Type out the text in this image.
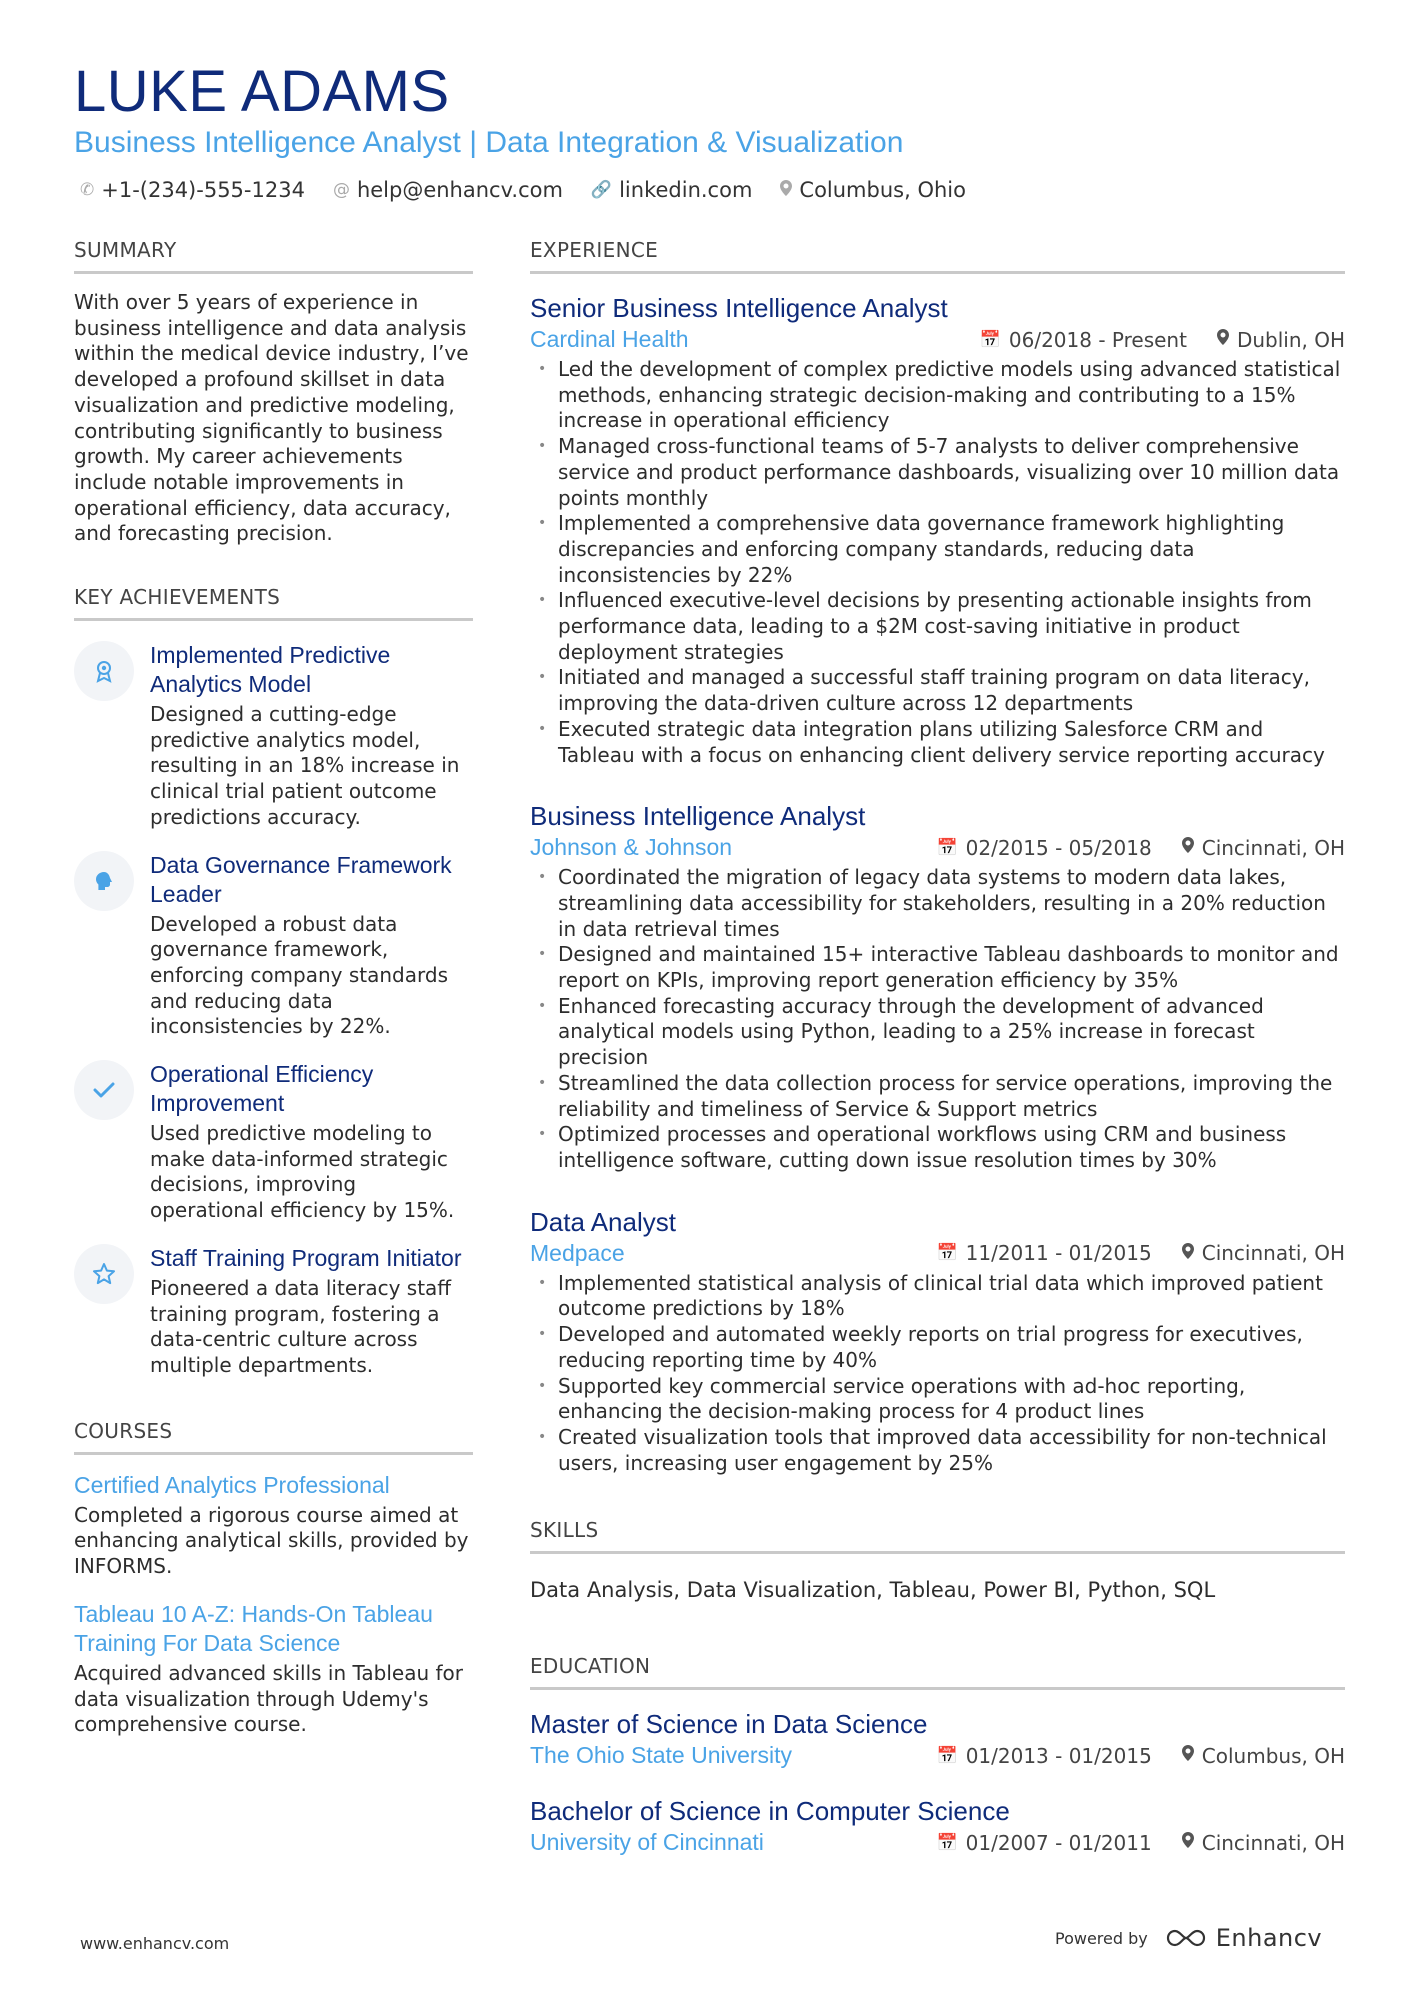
LUKE ADAMS
Business Intelligence Analyst | Data Integration & Visualization
✆ +1-(234)-555-1234 @ help@enhancv.com 🔗 linkedin.com Columbus, Ohio
SUMMARY
With over 5 years of experience in business intelligence and data analysis within the medical device industry, I’ve developed a profound skillset in data visualization and predictive modeling, contributing significantly to business growth. My career achievements include notable improvements in operational efficiency, data accuracy, and forecasting precision.
KEY ACHIEVEMENTS
Implemented Predictive Analytics Model
Designed a cutting-edge predictive analytics model, resulting in an 18% increase in clinical trial patient outcome predictions accuracy.
Data Governance Framework Leader
Developed a robust data governance framework, enforcing company standards and reducing data inconsistencies by 22%.
Operational Efficiency Improvement
Used predictive modeling to make data-informed strategic decisions, improving operational efficiency by 15%.
Staff Training Program Initiator
Pioneered a data literacy staff training program, fostering a data-centric culture across multiple departments.
COURSES
Certified Analytics Professional
Completed a rigorous course aimed at enhancing analytical skills, provided by INFORMS.
Tableau 10 A-Z: Hands-On Tableau Training For Data Science
Acquired advanced skills in Tableau for data visualization through Udemy's comprehensive course.
EXPERIENCE
Senior Business Intelligence Analyst
Cardinal Health	📅 06/2018 - Present	Dublin, OH
• Led the development of complex predictive models using advanced statistical methods, enhancing strategic decision-making and contributing to a 15% increase in operational efficiency
• Managed cross-functional teams of 5-7 analysts to deliver comprehensive service and product performance dashboards, visualizing over 10 million data points monthly
• Implemented a comprehensive data governance framework highlighting discrepancies and enforcing company standards, reducing data inconsistencies by 22%
• Influenced executive-level decisions by presenting actionable insights from performance data, leading to a $2M cost-saving initiative in product deployment strategies
• Initiated and managed a successful staff training program on data literacy, improving the data-driven culture across 12 departments
• Executed strategic data integration plans utilizing Salesforce CRM and Tableau with a focus on enhancing client delivery service reporting accuracy
Business Intelligence Analyst
Johnson & Johnson	📅 02/2015 - 05/2018	Cincinnati, OH
• Coordinated the migration of legacy data systems to modern data lakes, streamlining data accessibility for stakeholders, resulting in a 20% reduction in data retrieval times
• Designed and maintained 15+ interactive Tableau dashboards to monitor and report on KPIs, improving report generation efficiency by 35%
• Enhanced forecasting accuracy through the development of advanced analytical models using Python, leading to a 25% increase in forecast precision
• Streamlined the data collection process for service operations, improving the reliability and timeliness of Service & Support metrics
• Optimized processes and operational workflows using CRM and business intelligence software, cutting down issue resolution times by 30%
Data Analyst
Medpace	📅 11/2011 - 01/2015	Cincinnati, OH
• Implemented statistical analysis of clinical trial data which improved patient outcome predictions by 18%
• Developed and automated weekly reports on trial progress for executives, reducing reporting time by 40%
• Supported key commercial service operations with ad-hoc reporting, enhancing the decision-making process for 4 product lines
• Created visualization tools that improved data accessibility for non-technical users, increasing user engagement by 25%
SKILLS
Data Analysis, Data Visualization, Tableau, Power BI, Python, SQL
EDUCATION
Master of Science in Data Science
The Ohio State University	📅 01/2013 - 01/2015	Columbus, OH
Bachelor of Science in Computer Science
University of Cincinnati	📅 01/2007 - 01/2011	Cincinnati, OH
www.enhancv.com	Powered by	Enhancv
